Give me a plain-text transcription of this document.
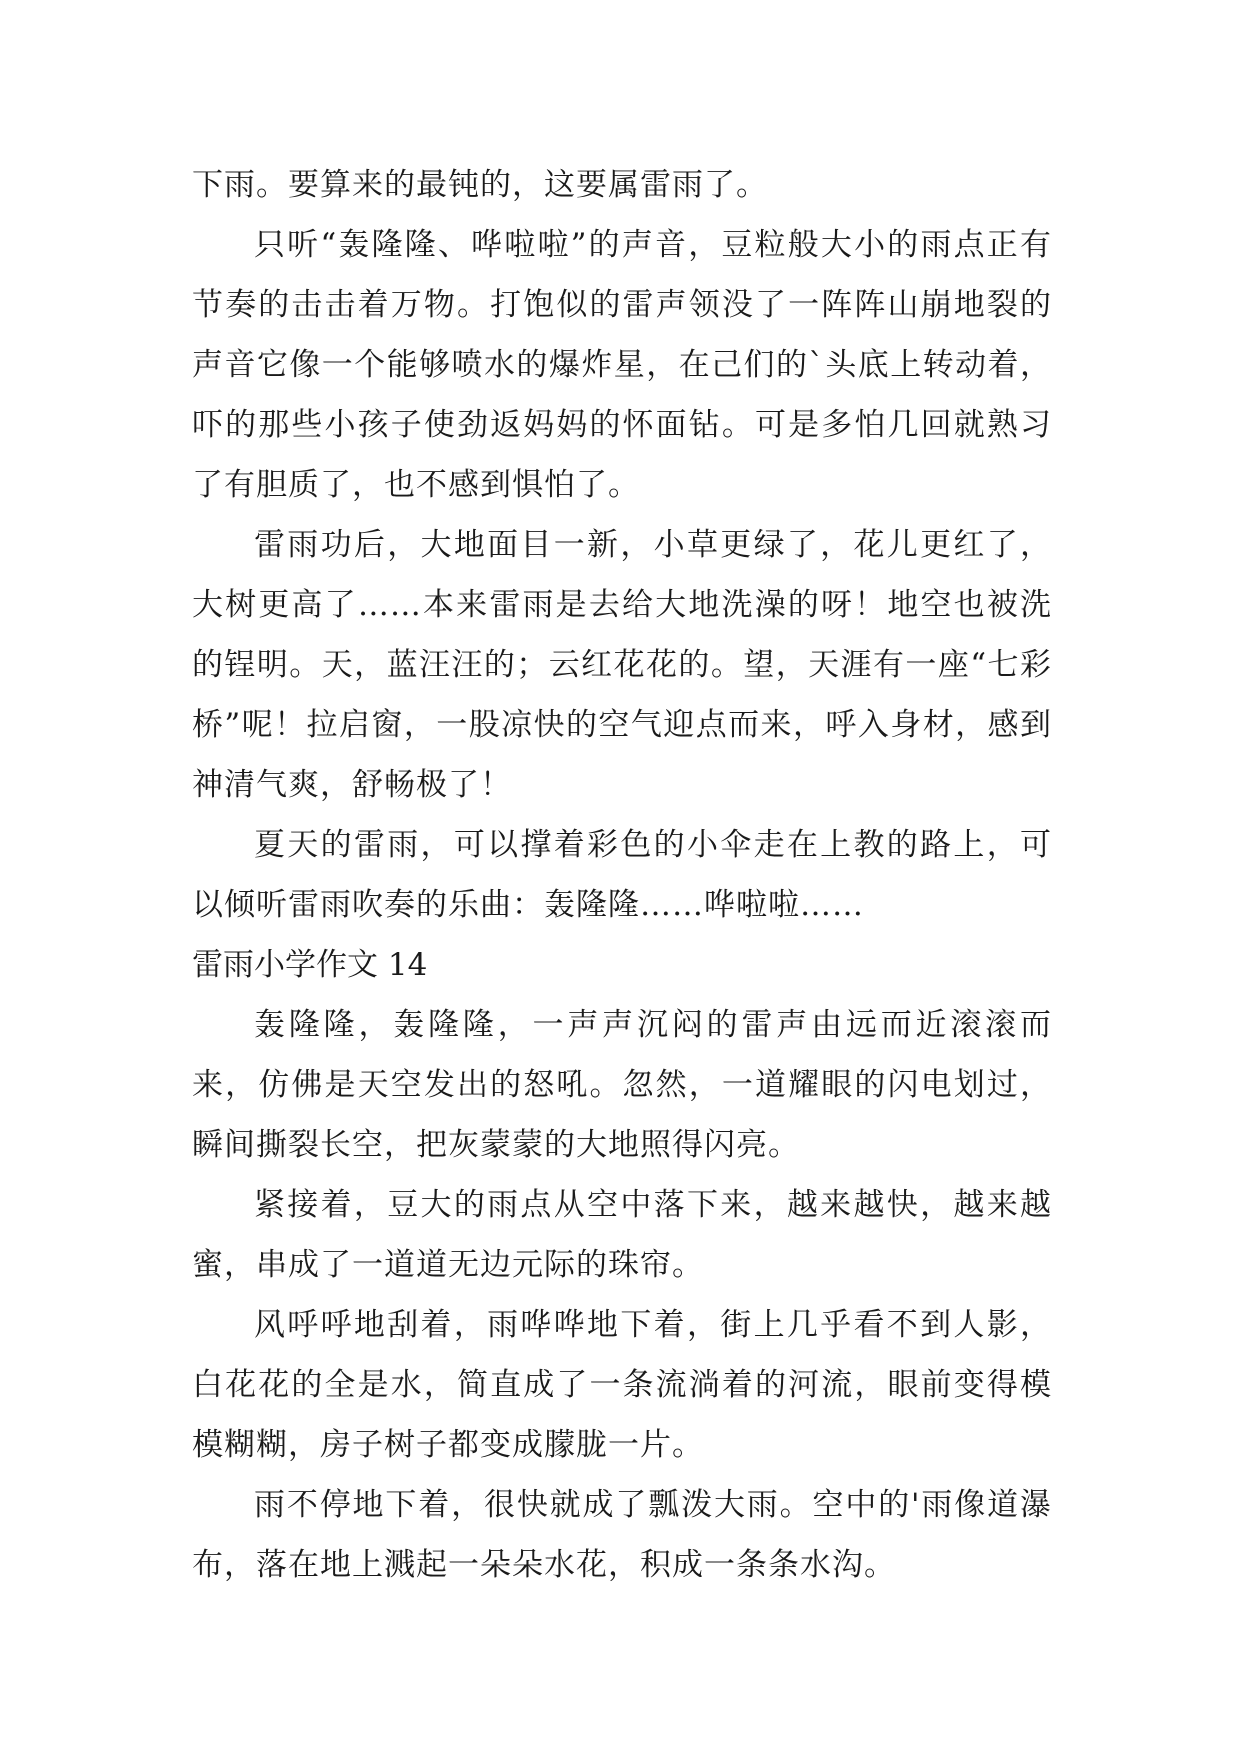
下雨。要算来的最钝的，这要属雷雨了。

只听“轰隆隆、哗啦啦”的声音，豆粒般大小的雨点正有节奏的击击着万物。打饱似的雷声领没了一阵阵山崩地裂的声音它像一个能够喷水的爆炸星，在己们的`头底上转动着，吓的那些小孩子使劲返妈妈的怀面钻。可是多怕几回就熟习了有胆质了，也不感到惧怕了。

雷雨功后，大地面目一新，小草更绿了，花儿更红了，大树更高了……本来雷雨是去给大地洗澡的呀！地空也被洗的锃明。天，蓝汪汪的；云红花花的。望，天涯有一座“七彩桥”呢！拉启窗，一股凉快的空气迎点而来，呼入身材，感到神清气爽，舒畅极了！

夏天的雷雨，可以撑着彩色的小伞走在上教的路上，可以倾听雷雨吹奏的乐曲：轰隆隆……哗啦啦……

雷雨小学作文 14

轰隆隆，轰隆隆，一声声沉闷的雷声由远而近滚滚而来，仿佛是天空发出的怒吼。忽然，一道耀眼的闪电划过，瞬间撕裂长空，把灰蒙蒙的大地照得闪亮。

紧接着，豆大的雨点从空中落下来，越来越快，越来越蜜，串成了一道道无边元际的珠帘。

风呼呼地刮着，雨哗哗地下着，街上几乎看不到人影，白花花的全是水，简直成了一条流淌着的河流，眼前变得模模糊糊，房子树子都变成朦胧一片。

雨不停地下着，很快就成了瓢泼大雨。空中的'雨像道瀑布，落在地上溅起一朵朵水花，积成一条条水沟。
